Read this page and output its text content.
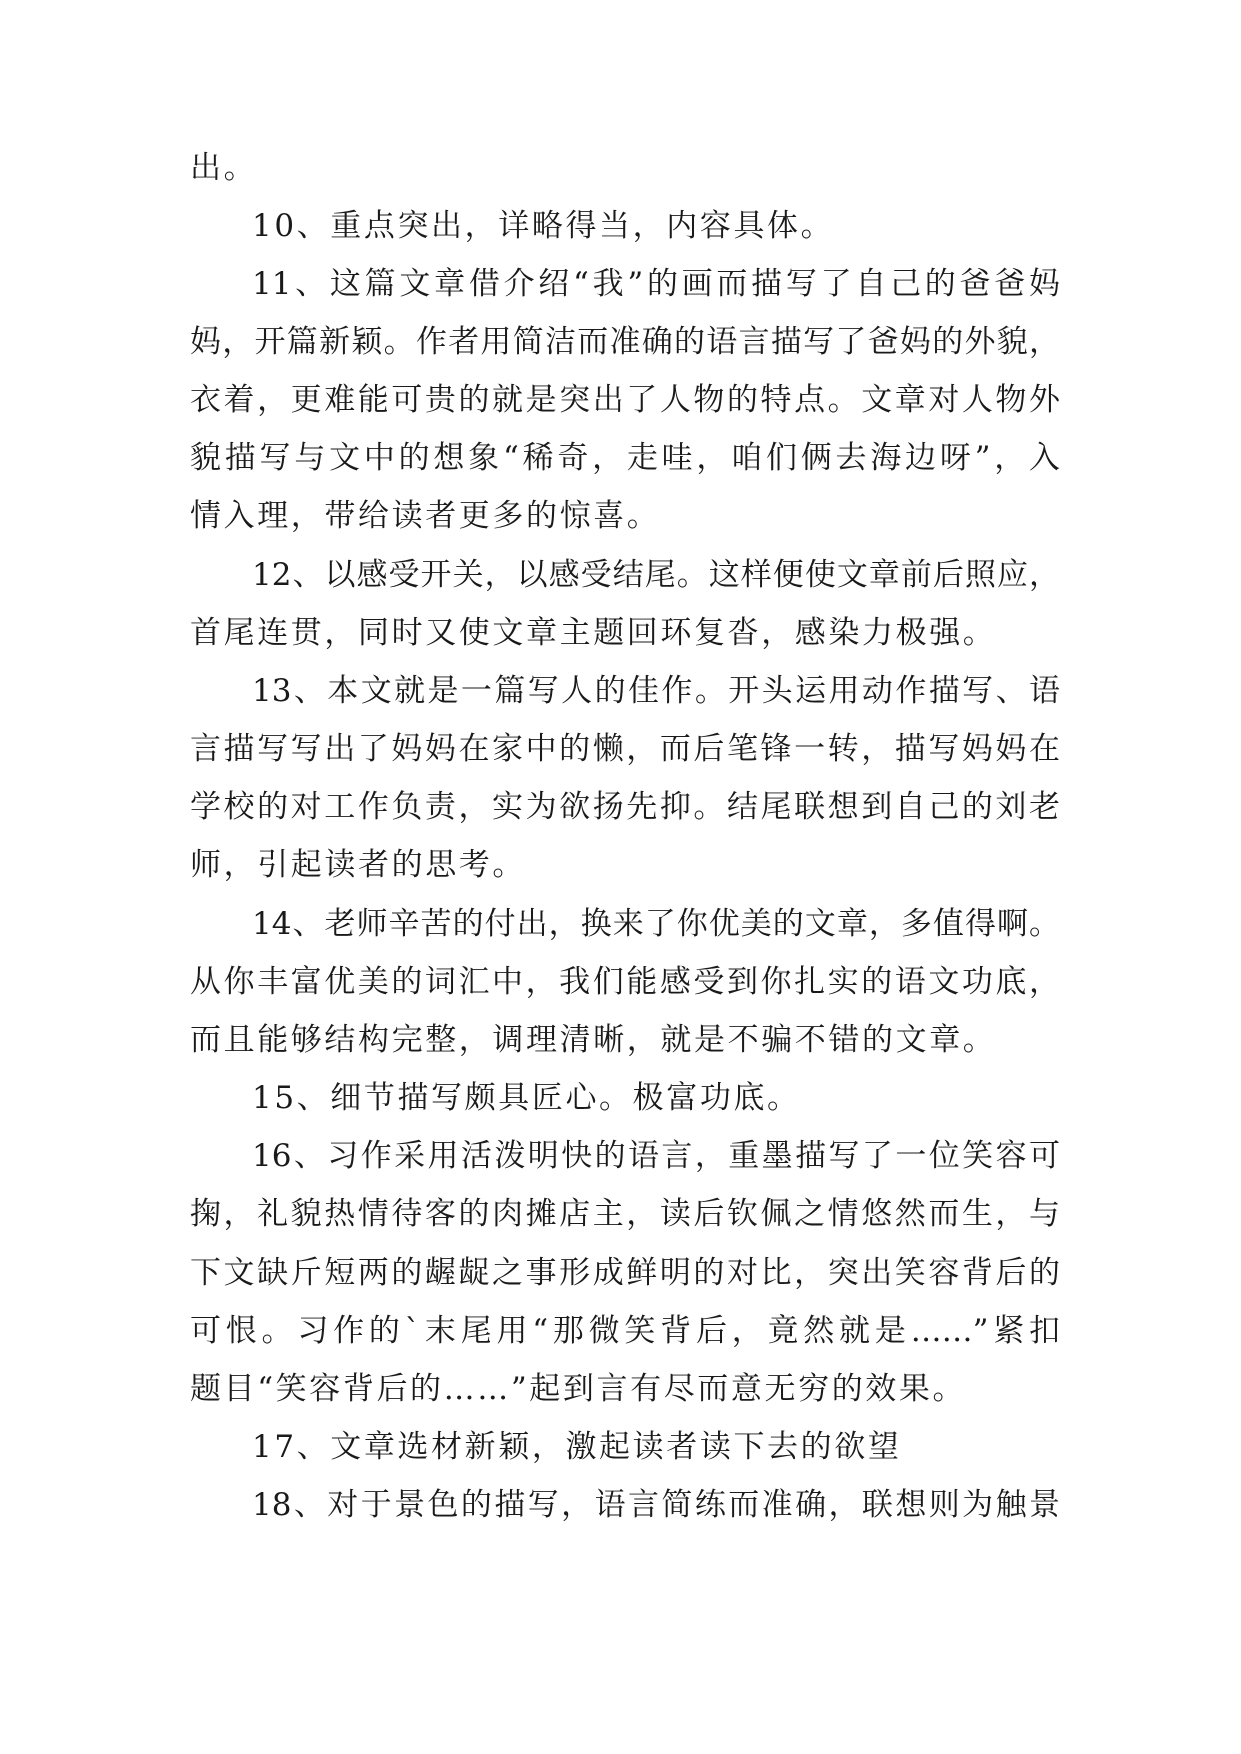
出。
10、重点突出，详略得当，内容具体。
11、这篇文章借介绍“我”的画而描写了自己的爸爸妈
妈，开篇新颖。作者用简洁而准确的语言描写了爸妈的外貌，
衣着，更难能可贵的就是突出了人物的特点。文章对人物外
貌描写与文中的想象“稀奇，走哇，咱们俩去海边呀”，入
情入理，带给读者更多的惊喜。
12、以感受开关，以感受结尾。这样便使文章前后照应，
首尾连贯，同时又使文章主题回环复沓，感染力极强。
13、本文就是一篇写人的佳作。开头运用动作描写、语
言描写写出了妈妈在家中的懒，而后笔锋一转，描写妈妈在
学校的对工作负责，实为欲扬先抑。结尾联想到自己的刘老
师，引起读者的思考。
14、老师辛苦的付出，换来了你优美的文章，多值得啊。
从你丰富优美的词汇中，我们能感受到你扎实的语文功底，
而且能够结构完整，调理清晰，就是不骗不错的文章。
15、细节描写颇具匠心。极富功底。
16、习作采用活泼明快的语言，重墨描写了一位笑容可
掬，礼貌热情待客的肉摊店主，读后钦佩之情悠然而生，与
下文缺斤短两的龌龊之事形成鲜明的对比，突出笑容背后的
可恨。习作的`末尾用“那微笑背后，竟然就是……”紧扣
题目“笑容背后的……”起到言有尽而意无穷的效果。
17、文章选材新颖，激起读者读下去的欲望
18、对于景色的描写，语言简练而准确，联想则为触景
